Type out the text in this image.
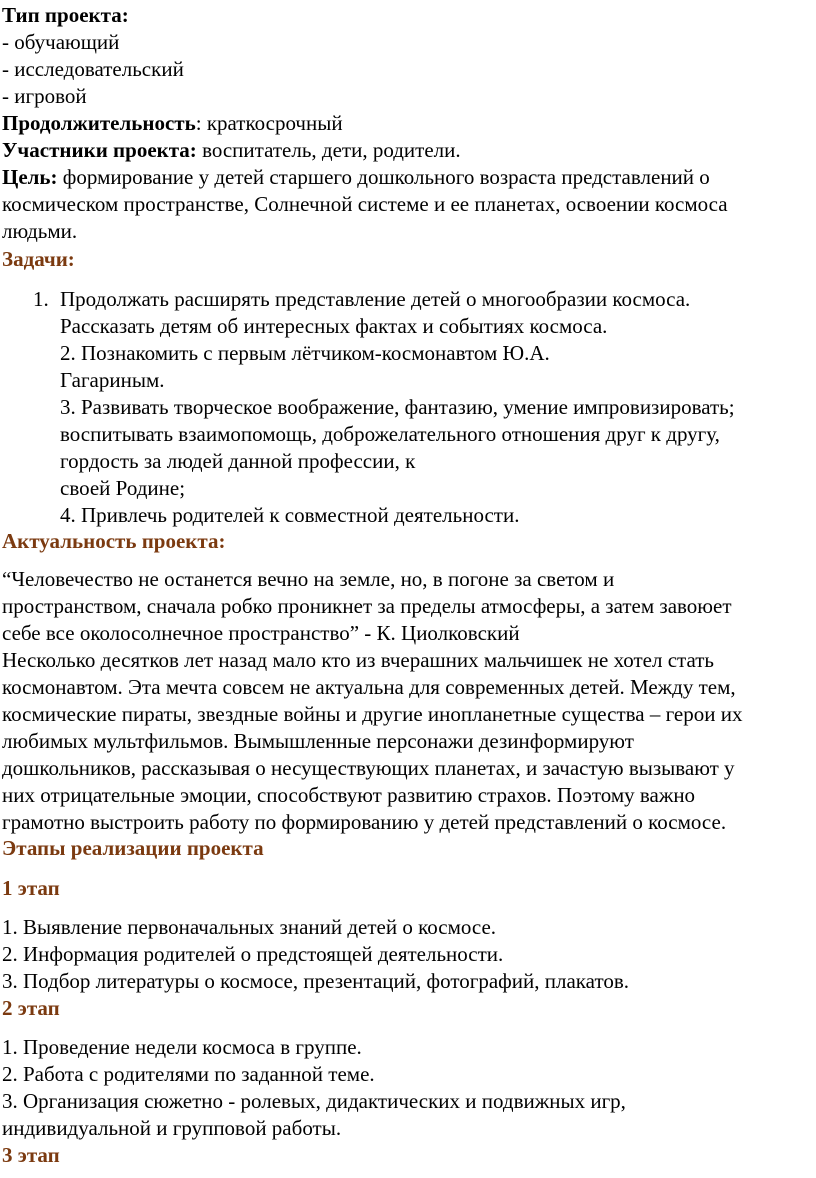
Тип проекта:
- обучающий
- исследовательский
- игровой
Продолжительность: краткосрочный
Участники проекта: воспитатель, дети, родители.
Цель: формирование у детей старшего дошкольного возраста представлений о
космическом пространстве, Солнечной системе и ее планетах, освоении космоса
людьми.
Задачи:
1. Продолжать расширять представление детей о многообразии космоса.
Рассказать детям об интересных фактах и событиях космоса.
2. Познакомить с первым лётчиком-космонавтом Ю.А.
Гагариным.
3. Развивать творческое воображение, фантазию, умение импровизировать;
воспитывать взаимопомощь, доброжелательного отношения друг к другу,
гордость за людей данной профессии, к
своей Родине;
4. Привлечь родителей к совместной деятельности.
Актуальность проекта:
“Человечество не останется вечно на земле, но, в погоне за светом и
пространством, сначала робко проникнет за пределы атмосферы, а затем завоюет
себе все околосолнечное пространство” - К. Циолковский
Несколько десятков лет назад мало кто из вчерашних мальчишек не хотел стать
космонавтом. Эта мечта совсем не актуальна для современных детей. Между тем,
космические пираты, звездные войны и другие инопланетные существа – герои их
любимых мультфильмов. Вымышленные персонажи дезинформируют
дошкольников, рассказывая о несуществующих планетах, и зачастую вызывают у
них отрицательные эмоции, способствуют развитию страхов. Поэтому важно
грамотно выстроить работу по формированию у детей представлений о космосе.
Этапы реализации проекта
1 этап
1. Выявление первоначальных знаний детей о космосе.
2. Информация родителей о предстоящей деятельности.
3. Подбор литературы о космосе, презентаций, фотографий, плакатов.
2 этап
1. Проведение недели космоса в группе.
2. Работа с родителями по заданной теме.
3. Организация сюжетно - ролевых, дидактических и подвижных игр,
индивидуальной и групповой работы.
3 этап
